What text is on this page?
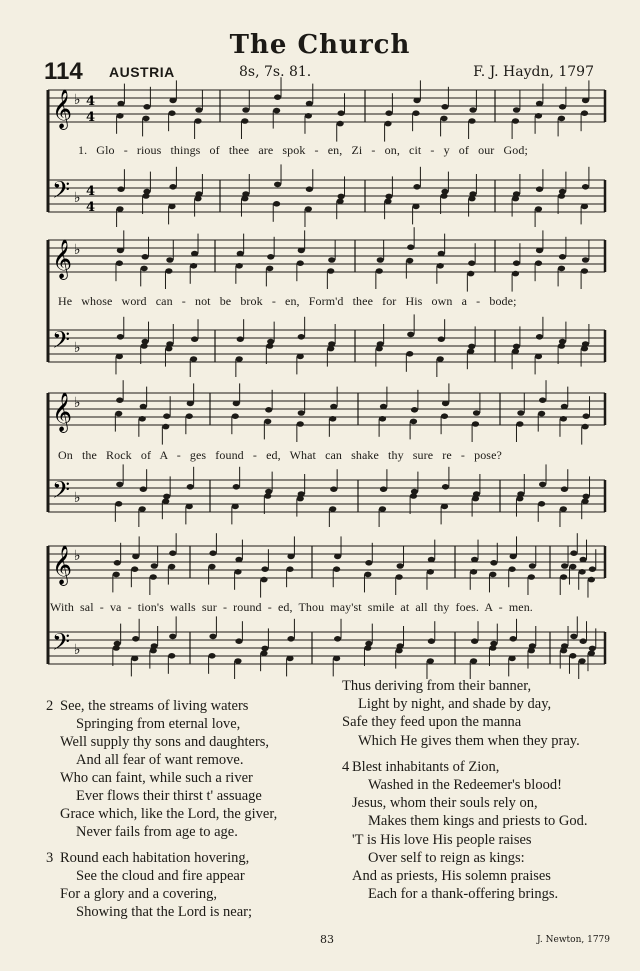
The Church
114 AUSTRIA	8s, 7s. 81.	F. J. Haydn, 1797
𝄞 ♭ 4
4
𝄢 ♭ 4
4
𝄞 ♭
𝄢 ♭
𝄞 ♭
𝄢 ♭
𝄞 ♭
𝄢 ♭
1. Glo - rious things of thee are spok - en, Zi - on, cit - y of our God;
He whose word can - not be brok - en, Form'd thee for His own a - bode;
On the Rock of A - ges found - ed, What can shake thy sure re - pose?
With sal - va - tion's walls sur - round - ed, Thou may'st smile at all thy foes. A - men.
See, the streams of living waters
2
Springing from eternal love,
Well supply thy sons and daughters,
And all fear of want remove.
Who can faint, while such a river
Ever flows their thirst t' assuage
Grace which, like the Lord, the giver,
Never fails from age to age.
Round each habitation hovering,
3
See the cloud and fire appear
For a glory and a covering,
Showing that the Lord is near;
Thus deriving from their banner,
Light by night, and shade by day,
Safe they feed upon the manna
Which He gives them when they pray.
Blest inhabitants of Zion,
4
Washed in the Redeemer's blood!
Jesus, whom their souls rely on,
Makes them kings and priests to God.
'T is His love His people raises
Over self to reign as kings:
And as priests, His solemn praises
Each for a thank-offering brings.
83	J. Newton, 1779
